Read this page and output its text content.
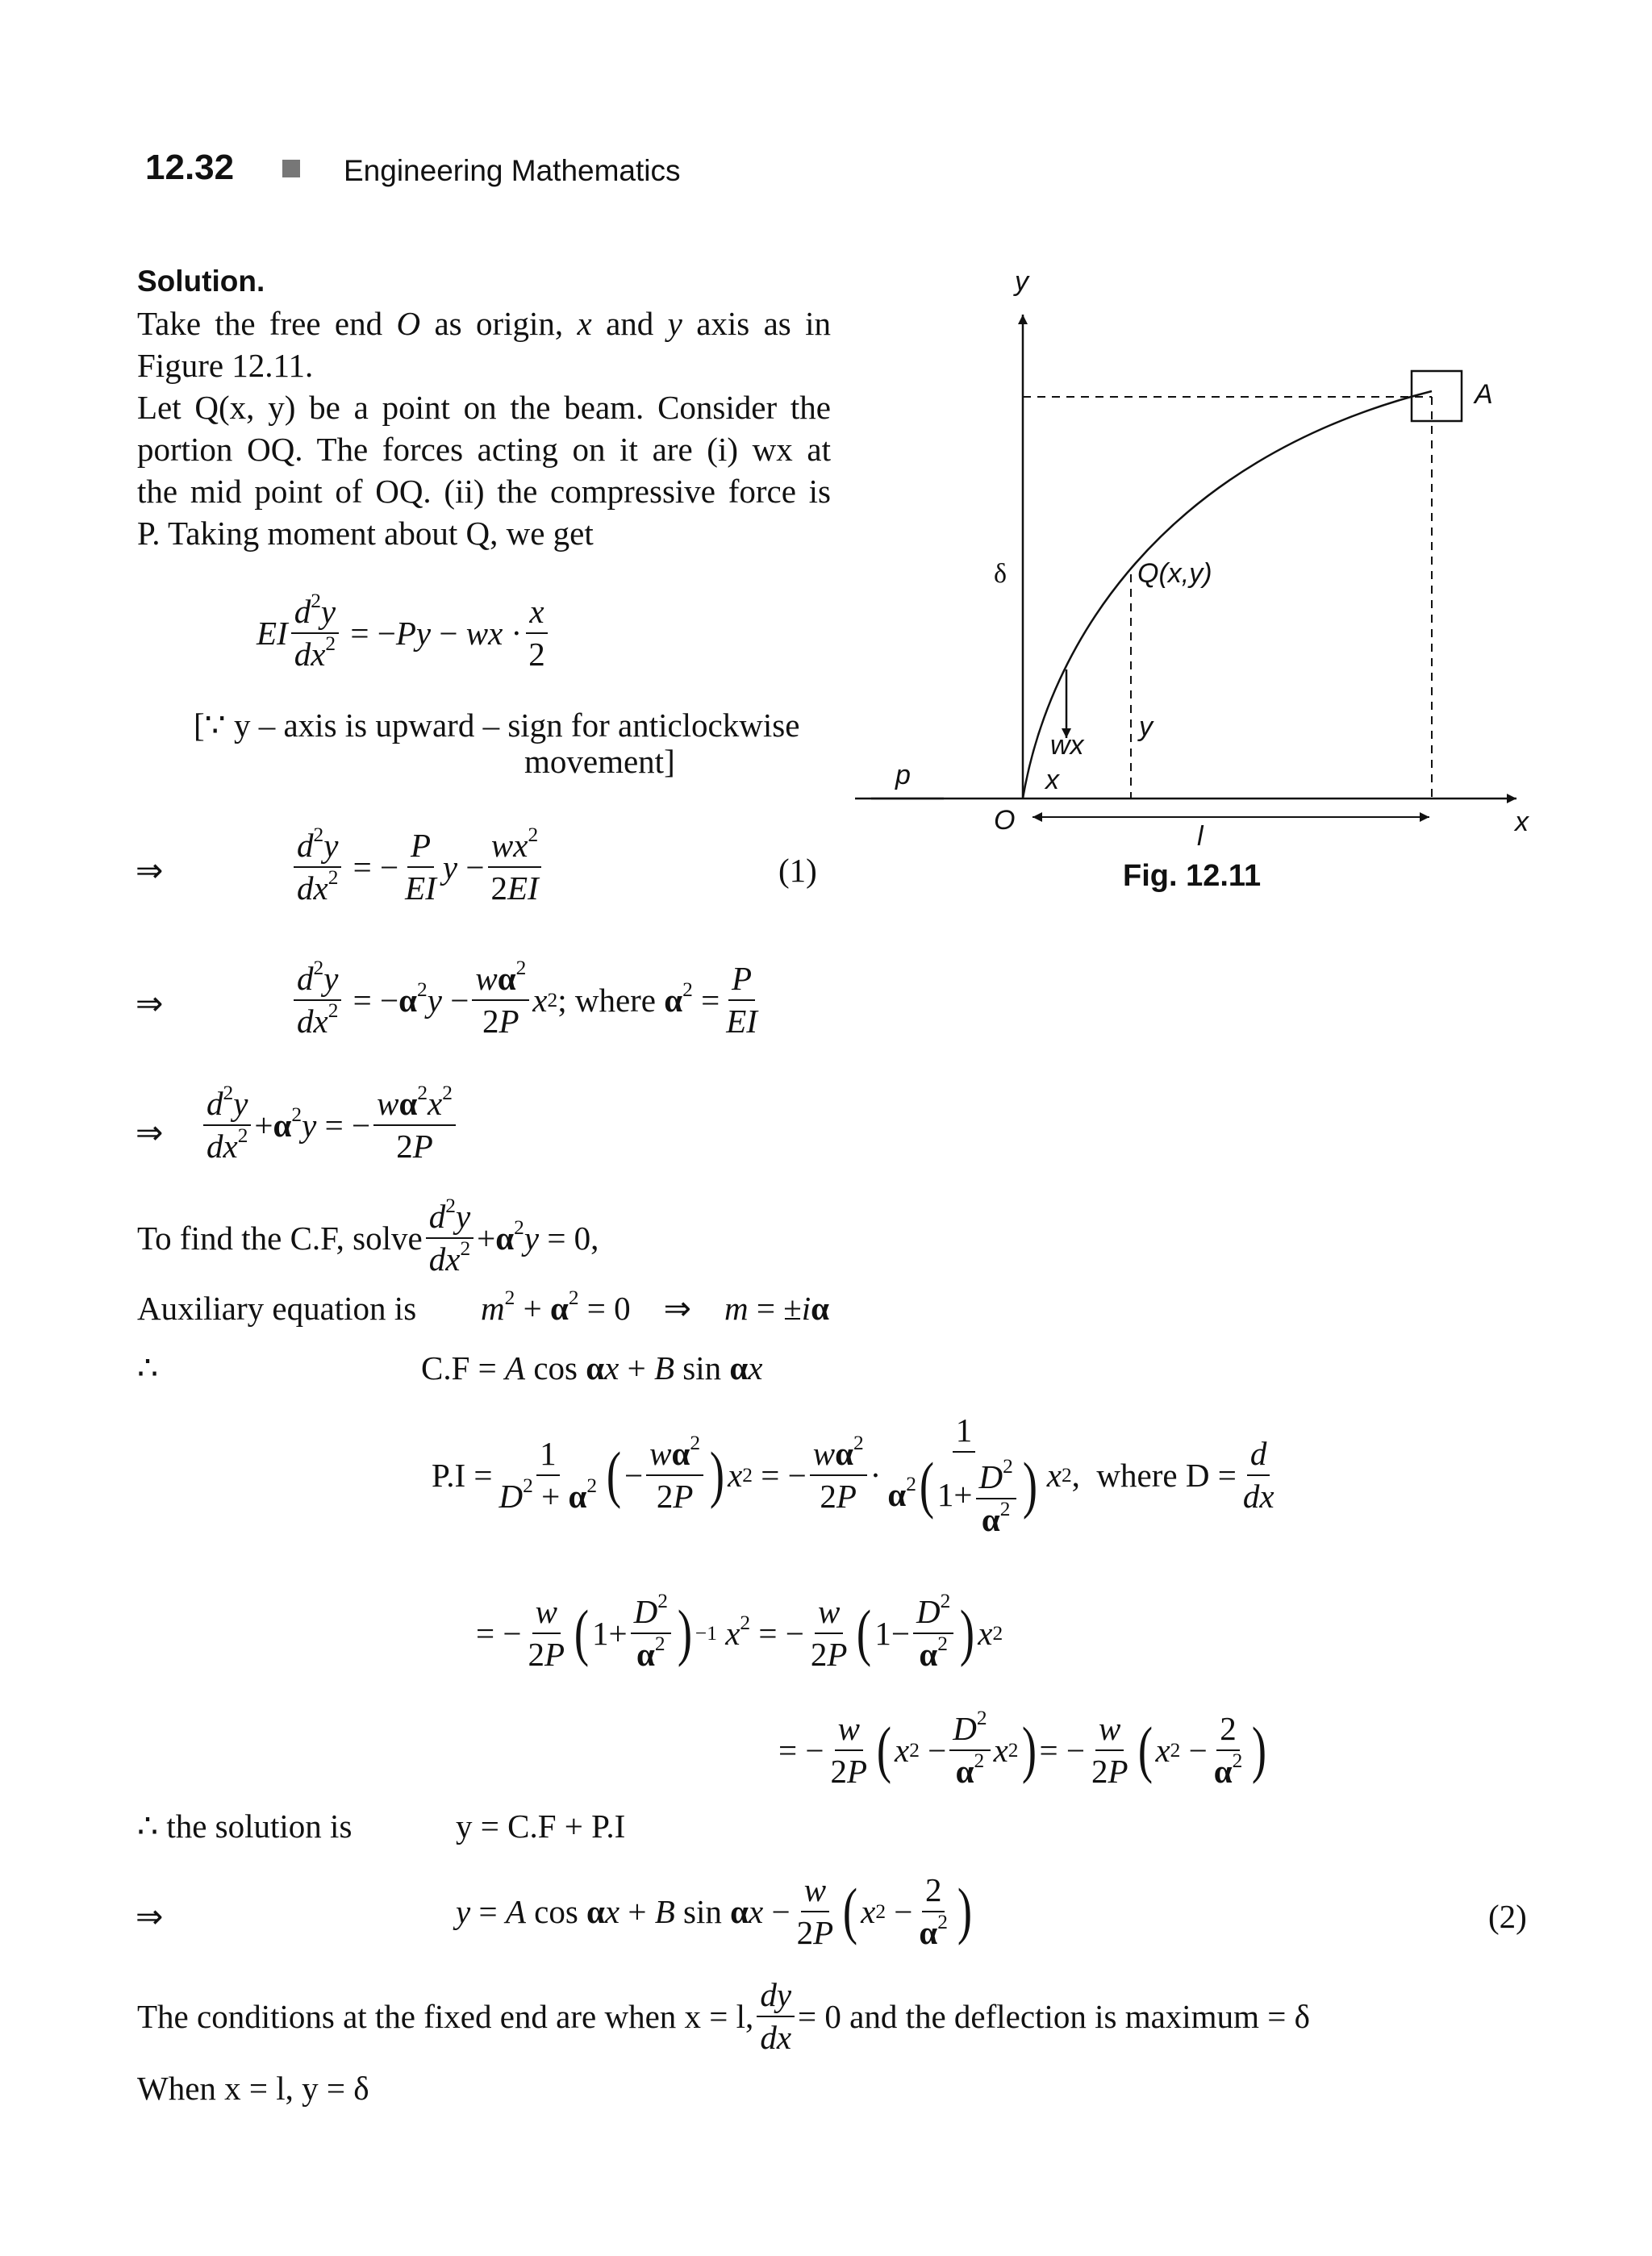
12.32	Engineering Mathematics
Solution.
Take the free end O as origin, x and y axis as in
Figure 12.11.
Let Q(x, y) be a point on the beam. Consider the
portion OQ. The forces acting on it are (i) wx at
the mid point of OQ. (ii) the compressive force is
P. Taking moment about Q, we get
EI $\frac{d^2y}{dx^2} = -Py$ − wx · $\frac{x}{2}$
[∵ y – axis is upward – sign for anticlockwise
movement]
⇒	$\frac{d^2y}{dx^2}$ = − $\frac{P}{EI}$ $y - \frac{wx^2}{2EI}$	(1)
⇒	$\frac{d^2y}{dx^2} = -\alpha^2y - \frac{w\alpha^2}{2P}$ x 2 ; where $\alpha^2 = \frac{P}{EI}$
⇒ $\frac{d^2y}{dx^2} +\alpha^2y$ = − $\frac{w\alpha^2x^2}{2P}$
To find the C.F, solve $\frac{d^2y}{dx^2} +\alpha^2y = 0$,
Auxiliary equation is $m^2 + \alpha^2 = 0$    ⇒    m = ±iα
∴	C.F = A cos αx + B sin αx
$P.I = \frac{1}{D^2 + \alpha^2}$ ( − $\frac{w\alpha^2}{2P}$ ) x 2 = − $\frac{w\alpha^2}{2P} \cdot \frac{1}{\alpha^2(1+ \frac{D^2}{\alpha^2} )}$ x 2 , where $D = \frac{d}{dx}$
= − $\frac{w}{2P}$ ( $1+ \frac{D^2}{\alpha^2}$ ) −1 $x^2$ = − $\frac{w}{2P}$ ( $1- \frac{D^2}{\alpha^2}$ ) x 2
= − $\frac{w}{2P}$ ( x $2 - \frac{D^2}{\alpha^2}$ x 2 ) = − $\frac{w}{2P}$ ( x $2 - \frac{2}{\alpha^2}$ )
∴ the solution is	y = C.F + P.I
⇒	y = A cos αx + B $\sin \alpha x - \frac{w}{2P}$ ( x $2 - \frac{2}{\alpha^2}$ )	(2)
The conditions at the fixed end are when x = l, $\frac{dy}{dx} = 0$ and the deflection is maximum = δ
When x = l, y = δ
y
x
O
A
Q(x,y)
δ
wx
p	x
y
l
Fig. 12.11
